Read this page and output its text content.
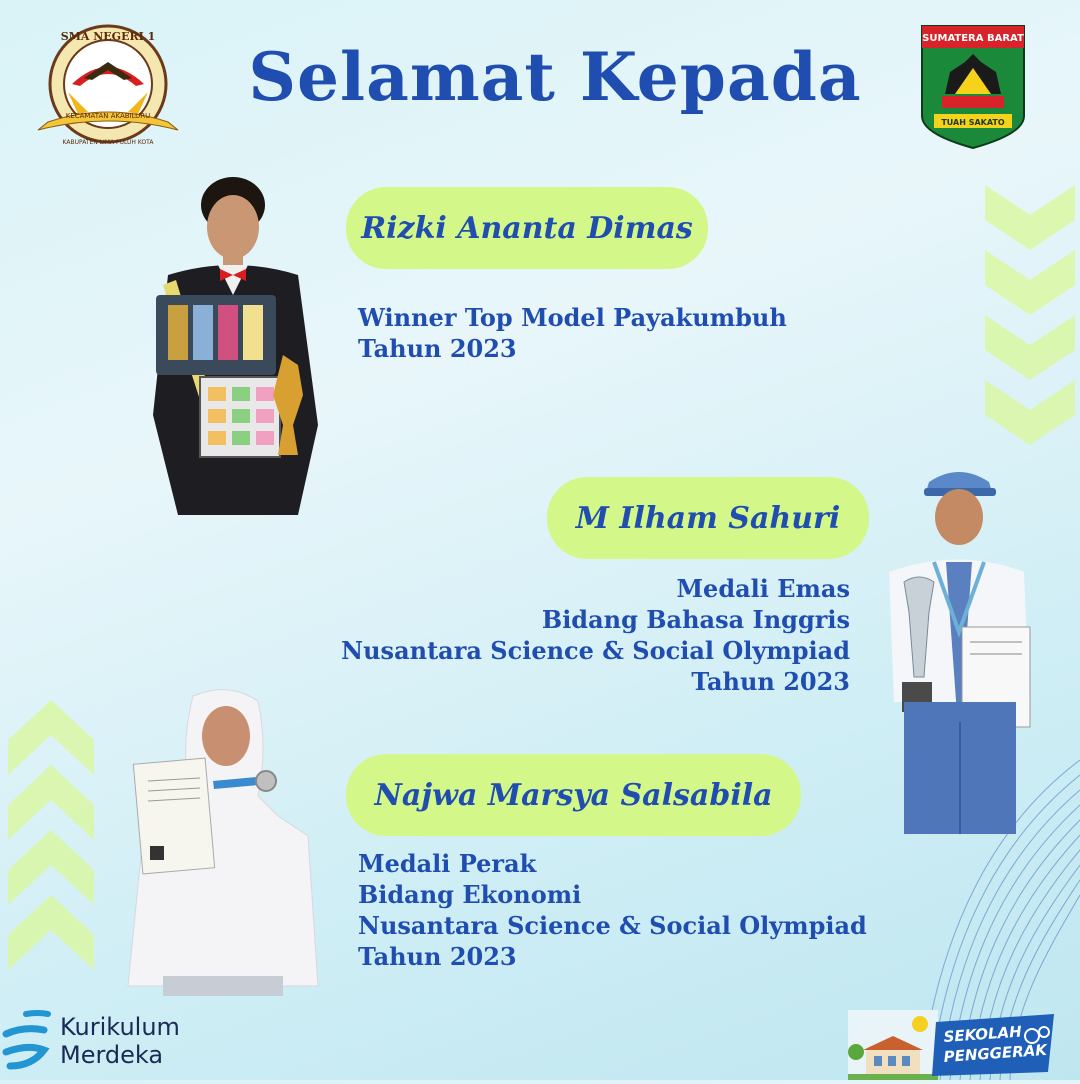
SMA NEGERI 1
KECAMATAN AKABILURU
KABUPATEN LIMA PULUH KOTA
SUMATERA BARAT
TUAH SAKATO
Selamat Kepada
Rizki Ananta Dimas
Winner Top Model Payakumbuh
Tahun 2023
M Ilham Sahuri
Medali Emas
Bidang Bahasa Inggris
Nusantara Science & Social Olympiad
Tahun 2023
Najwa Marsya Salsabila
Medali Perak
Bidang Ekonomi
Nusantara Science & Social Olympiad
Tahun 2023
Kurikulum
Merdeka
SEKOLAH
PENGGERAK
